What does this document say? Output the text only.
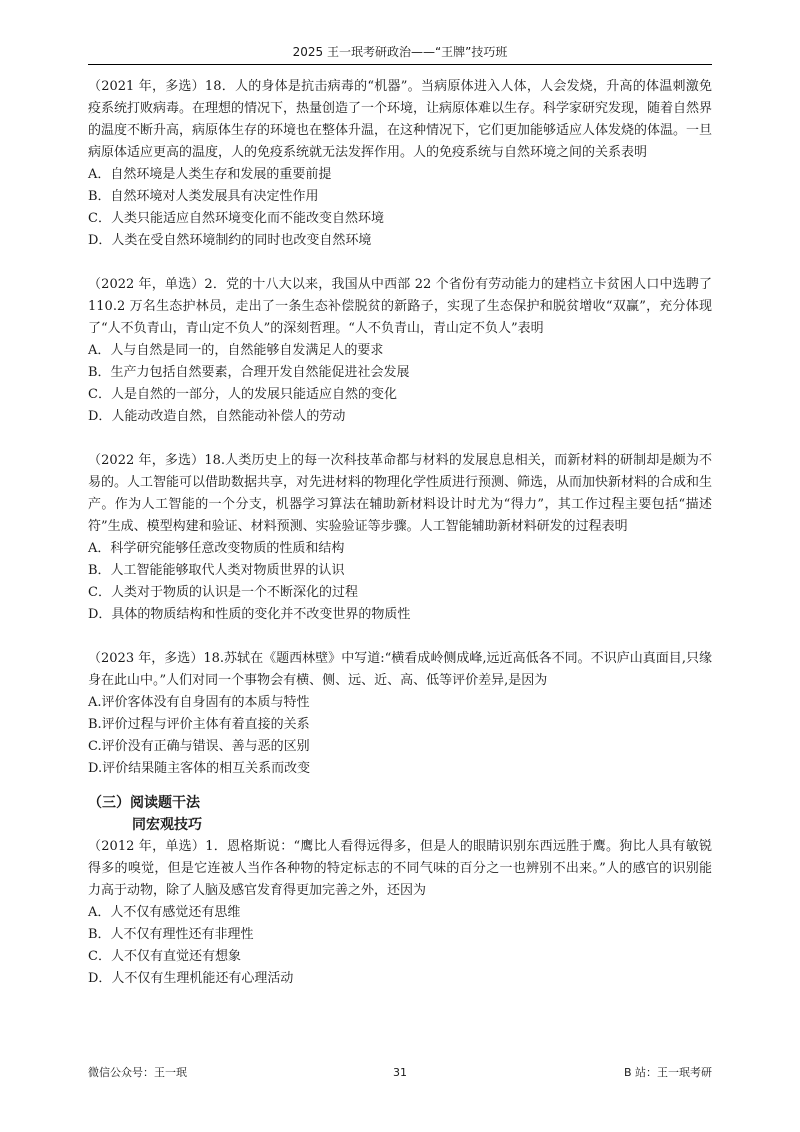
2025 王一珉考研政治——“王牌”技巧班

（2021 年，多选）18．人的身体是抗击病毒的“机器”。当病原体进入人体，人会发烧，升高的体温刺激免疫系统打败病毒。在理想的情况下，热量创造了一个环境，让病原体难以生存。科学家研究发现，随着自然界的温度不断升高，病原体生存的环境也在整体升温，在这种情况下，它们更加能够适应人体发烧的体温。一旦病原体适应更高的温度，人的免疫系统就无法发挥作用。人的免疫系统与自然环境之间的关系表明

A．自然环境是人类生存和发展的重要前提

B．自然环境对人类发展具有决定性作用

C．人类只能适应自然环境变化而不能改变自然环境

D．人类在受自然环境制约的同时也改变自然环境

（2022 年，单选）2．党的十八大以来，我国从中西部 22 个省份有劳动能力的建档立卡贫困人口中选聘了 110.2 万名生态护林员，走出了一条生态补偿脱贫的新路子，实现了生态保护和脱贫增收“双赢”，充分体现了“人不负青山，青山定不负人”的深刻哲理。“人不负青山，青山定不负人”表明

A．人与自然是同一的，自然能够自发满足人的要求

B．生产力包括自然要素，合理开发自然能促进社会发展

C．人是自然的一部分，人的发展只能适应自然的变化

D．人能动改造自然，自然能动补偿人的劳动

（2022 年，多选）18.人类历史上的每一次科技革命都与材料的发展息息相关，而新材料的研制却是颇为不易的。人工智能可以借助数据共享，对先进材料的物理化学性质进行预测、筛选，从而加快新材料的合成和生产。作为人工智能的一个分支，机器学习算法在辅助新材料设计时尤为“得力”，其工作过程主要包括“描述符”生成、模型构建和验证、材料预测、实验验证等步骤。人工智能辅助新材料研发的过程表明

A．科学研究能够任意改变物质的性质和结构

B．人工智能能够取代人类对物质世界的认识

C．人类对于物质的认识是一个不断深化的过程

D．具体的物质结构和性质的变化并不改变世界的物质性

（2023 年，多选）18.苏轼在《题西林壁》中写道:“横看成岭侧成峰,远近高低各不同。不识庐山真面目,只缘身在此山中。”人们对同一个事物会有横、侧、远、近、高、低等评价差异,是因为

A.评价客体没有自身固有的本质与特性

B.评价过程与评价主体有着直接的关系

C.评价没有正确与错误、善与恶的区别

D.评价结果随主客体的相互关系而改变

（三）阅读题干法
同宏观技巧

（2012 年，单选）1．恩格斯说：“鹰比人看得远得多，但是人的眼睛识别东西远胜于鹰。狗比人具有敏锐得多的嗅觉，但是它连被人当作各种物的特定标志的不同气味的百分之一也辨别不出来。”人的感官的识别能力高于动物，除了人脑及感官发育得更加完善之外，还因为

A．人不仅有感觉还有思维

B．人不仅有理性还有非理性

C．人不仅有直觉还有想象

D．人不仅有生理机能还有心理活动

微信公众号：王一珉	31	B 站：王一珉考研
